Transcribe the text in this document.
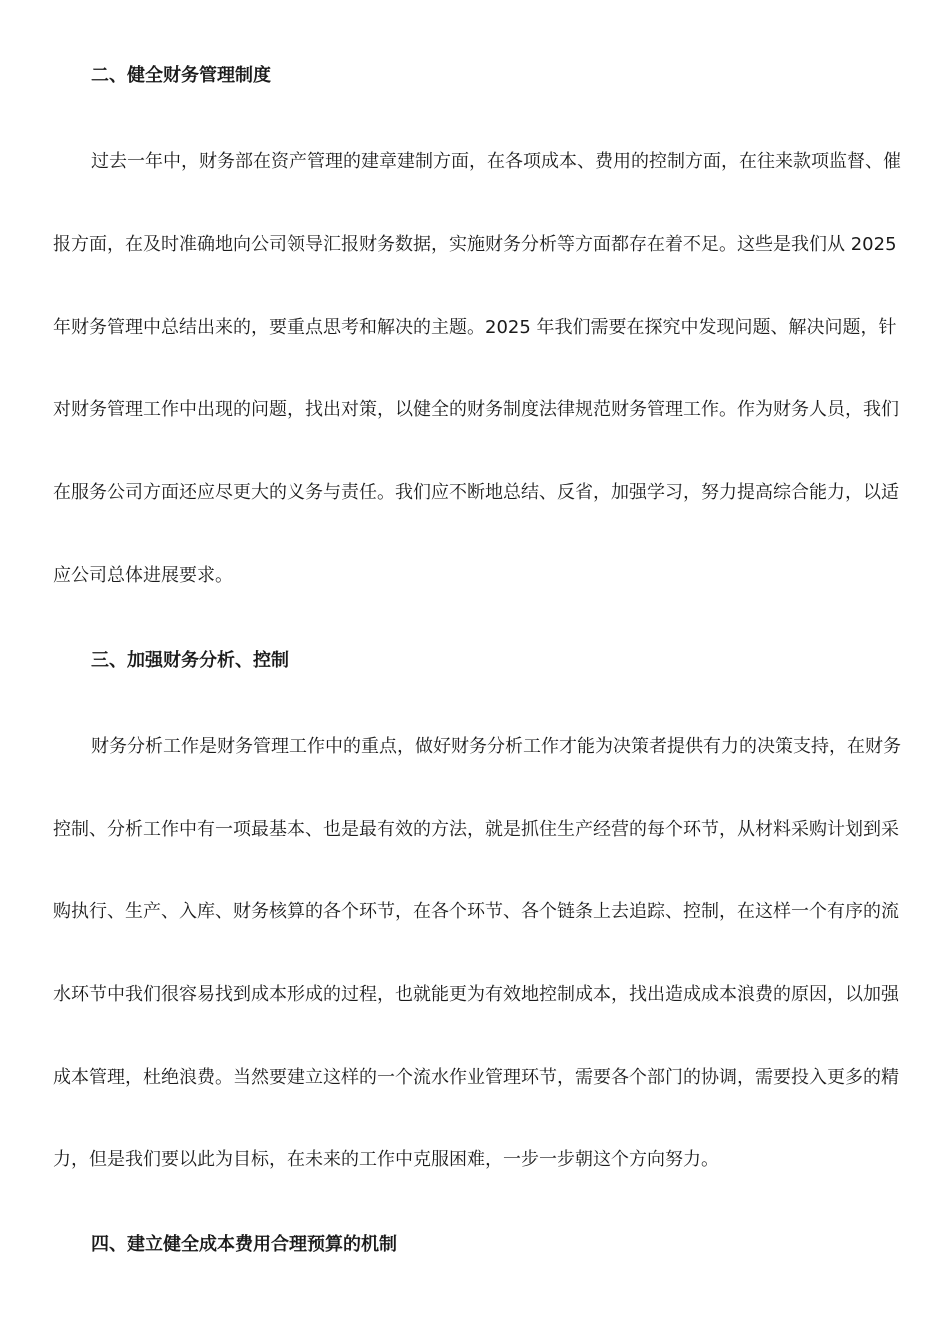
二、健全财务管理制度
过去一年中，财务部在资产管理的建章建制方面，在各项成本、费用的控制方面，在往来款项监督、催
报方面，在及时准确地向公司领导汇报财务数据，实施财务分析等方面都存在着不足。这些是我们从 2025
年财务管理中总结出来的，要重点思考和解决的主题。2025 年我们需要在探究中发现问题、解决问题，针
对财务管理工作中出现的问题，找出对策，以健全的财务制度法律规范财务管理工作。作为财务人员，我们
在服务公司方面还应尽更大的义务与责任。我们应不断地总结、反省，加强学习，努力提高综合能力，以适
应公司总体进展要求。
三、加强财务分析、控制
财务分析工作是财务管理工作中的重点，做好财务分析工作才能为决策者提供有力的决策支持，在财务
控制、分析工作中有一项最基本、也是最有效的方法，就是抓住生产经营的每个环节，从材料采购计划到采
购执行、生产、入库、财务核算的各个环节，在各个环节、各个链条上去追踪、控制，在这样一个有序的流
水环节中我们很容易找到成本形成的过程，也就能更为有效地控制成本，找出造成成本浪费的原因，以加强
成本管理，杜绝浪费。当然要建立这样的一个流水作业管理环节，需要各个部门的协调，需要投入更多的精
力，但是我们要以此为目标，在未来的工作中克服困难，一步一步朝这个方向努力。
四、建立健全成本费用合理预算的机制
